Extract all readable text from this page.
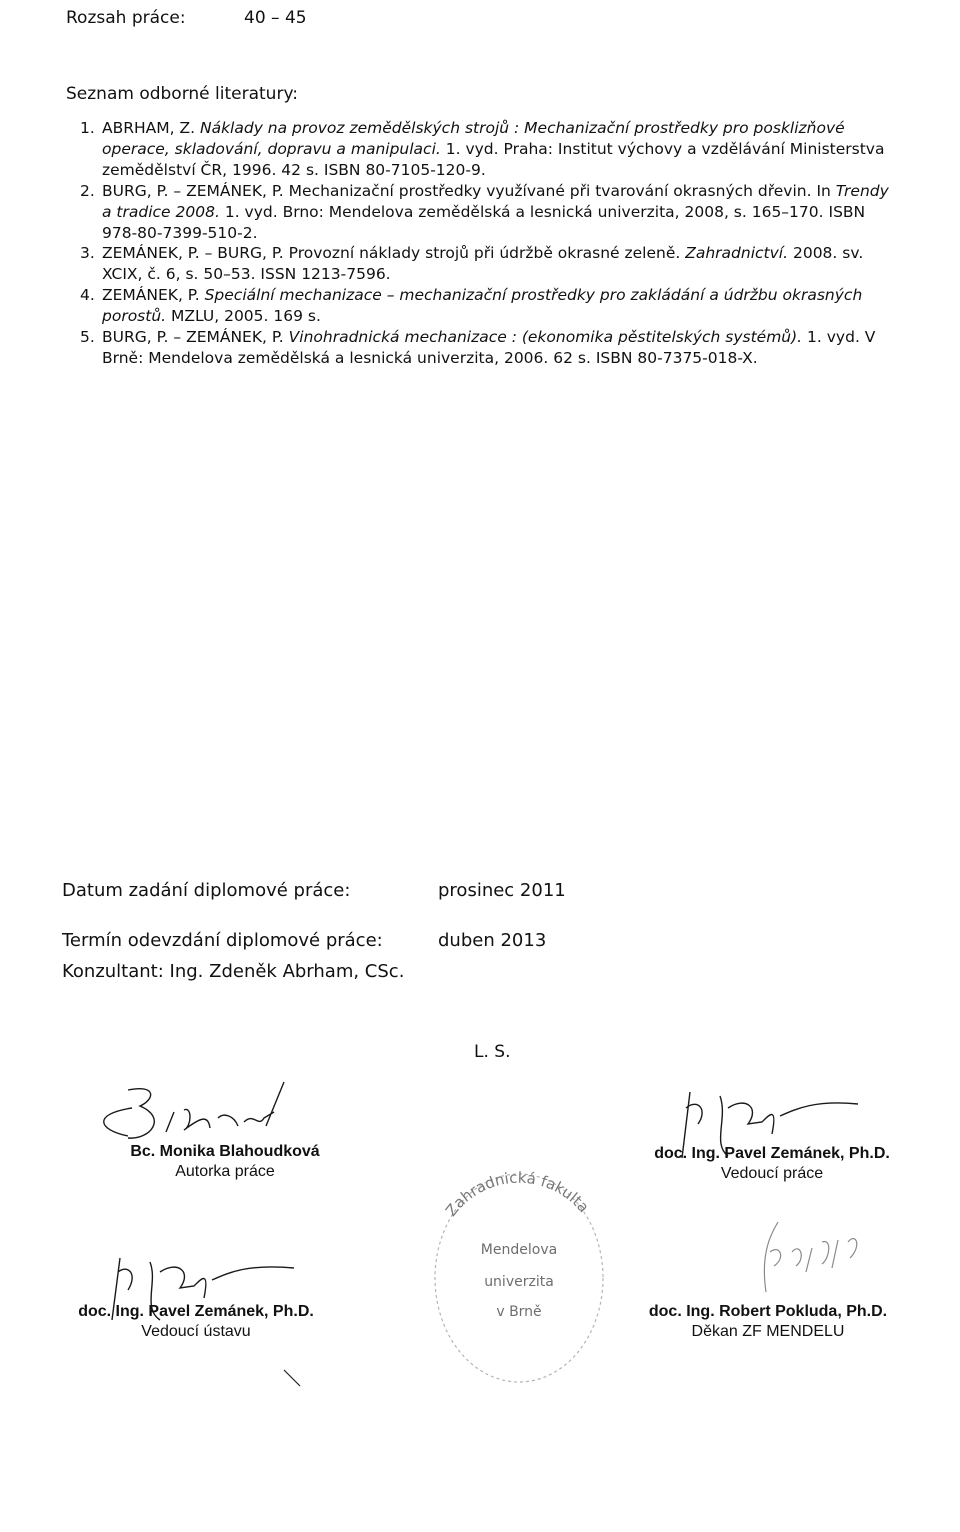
Rozsah práce:	40 – 45
Seznam odborné literatury:
1. ABRHAM, Z. Náklady na provoz zemědělských strojů : Mechanizační prostředky pro posklizňové operace, skladování, dopravu a manipulaci. 1. vyd. Praha: Institut výchovy a vzdělávání Ministerstva zemědělství ČR, 1996. 42 s. ISBN 80-7105-120-9.
2. BURG, P. – ZEMÁNEK, P. Mechanizační prostředky využívané při tvarování okrasných dřevin. In Trendy a tradice 2008. 1. vyd. Brno: Mendelova zemědělská a lesnická univerzita, 2008, s. 165–170. ISBN 978-80-7399-510-2.
3. ZEMÁNEK, P. – BURG, P. Provozní náklady strojů při údržbě okrasné zeleně. Zahradnictví. 2008. sv. XCIX, č. 6, s. 50–53. ISSN 1213-7596.
4. ZEMÁNEK, P. Speciální mechanizace – mechanizační prostředky pro zakládání a údržbu okrasných porostů. MZLU, 2005. 169 s.
5. BURG, P. – ZEMÁNEK, P. Vinohradnická mechanizace : (ekonomika pěstitelských systémů). 1. vyd. V Brně: Mendelova zemědělská a lesnická univerzita, 2006. 62 s. ISBN 80-7375-018-X.
Datum zadání diplomové práce:	prosinec 2011
Termín odevzdání diplomové práce:	duben 2013
Konzultant: Ing. Zdeněk Abrham, CSc.
L. S.
Bc. Monika Blahoudková
Autorka práce
doc. Ing. Pavel Zemánek, Ph.D.
Vedoucí práce
doc. Ing. Pavel Zemánek, Ph.D.
Vedoucí ústavu
doc. Ing. Robert Pokluda, Ph.D.
Děkan ZF MENDELU
Zahradnická fakulta
Mendelova
univerzita
v Brně
